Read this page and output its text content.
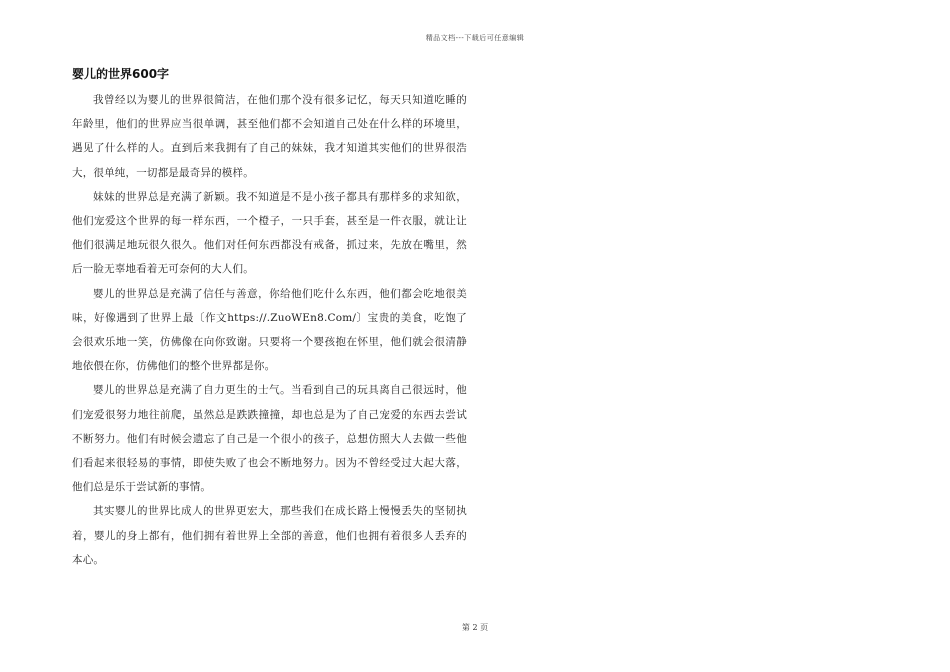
精品文档---下载后可任意编辑
婴儿的世界600字

我曾经以为婴儿的世界很简洁，在他们那个没有很多记忆，每天只知道吃睡的年龄里，他们的世界应当很单调，甚至他们都不会知道自己处在什么样的环境里，遇见了什么样的人。直到后来我拥有了自己的妹妹，我才知道其实他们的世界很浩大，很单纯，一切都是最奇异的模样。

妹妹的世界总是充满了新颖。我不知道是不是小孩子都具有那样多的求知欲，他们宠爱这个世界的每一样东西，一个橙子，一只手套，甚至是一件衣服，就让让他们很满足地玩很久很久。他们对任何东西都没有戒备，抓过来，先放在嘴里，然后一脸无辜地看着无可奈何的大人们。

婴儿的世界总是充满了信任与善意，你给他们吃什么东西，他们都会吃地很美味，好像遇到了世界上最〔作文https://.ZuoWEn8.Com/〕宝贵的美食，吃饱了会很欢乐地一笑，仿佛像在向你致谢。只要将一个婴孩抱在怀里，他们就会很清静地依偎在你，仿佛他们的整个世界都是你。

婴儿的世界总是充满了自力更生的士气。当看到自己的玩具离自己很远时，他们宠爱很努力地往前爬，虽然总是跌跌撞撞，却也总是为了自己宠爱的东西去尝试不断努力。他们有时候会遗忘了自己是一个很小的孩子，总想仿照大人去做一些他们看起来很轻易的事情，即使失败了也会不断地努力。因为不曾经受过大起大落，他们总是乐于尝试新的事情。

其实婴儿的世界比成人的世界更宏大，那些我们在成长路上慢慢丢失的坚韧执着，婴儿的身上都有，他们拥有着世界上全部的善意，他们也拥有着很多人丢弃的本心。

第 2 页
